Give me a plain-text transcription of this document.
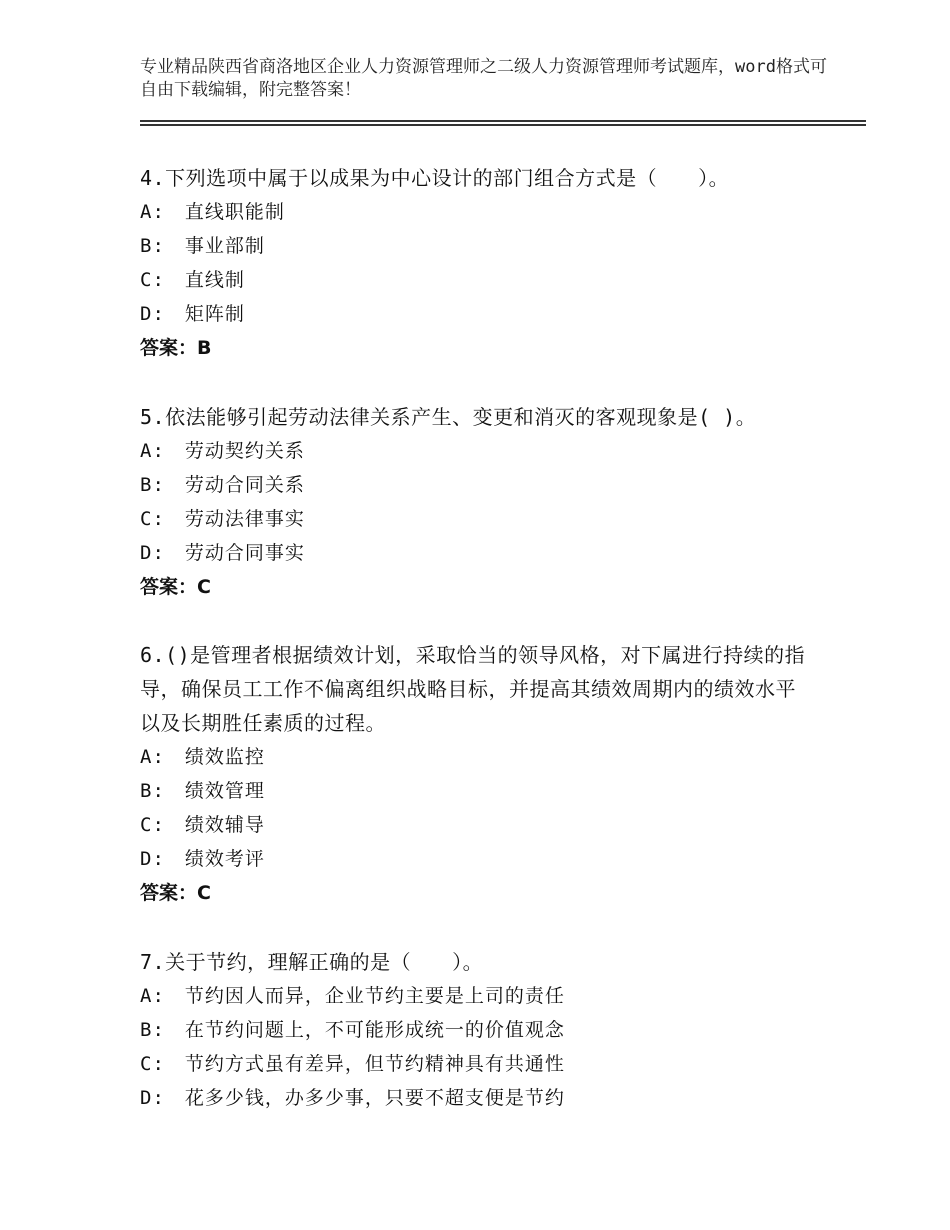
专业精品陕西省商洛地区企业人力资源管理师之二级人力资源管理师考试题库，word格式可自由下载编辑，附完整答案！
4.下列选项中属于以成果为中心设计的部门组合方式是（　　）。
A:　直线职能制
B:　事业部制
C:　直线制
D:　矩阵制
答案：B
5.依法能够引起劳动法律关系产生、变更和消灭的客观现象是( )。
A:　劳动契约关系
B:　劳动合同关系
C:　劳动法律事实
D:　劳动合同事实
答案：C
6.()是管理者根据绩效计划，采取恰当的领导风格，对下属进行持续的指导，确保员工工作不偏离组织战略目标，并提高其绩效周期内的绩效水平以及长期胜任素质的过程。
A:　绩效监控
B:　绩效管理
C:　绩效辅导
D:　绩效考评
答案：C
7.关于节约，理解正确的是（　　）。
A:　节约因人而异，企业节约主要是上司的责任
B:　在节约问题上，不可能形成统一的价值观念
C:　节约方式虽有差异，但节约精神具有共通性
D:　花多少钱，办多少事，只要不超支便是节约
